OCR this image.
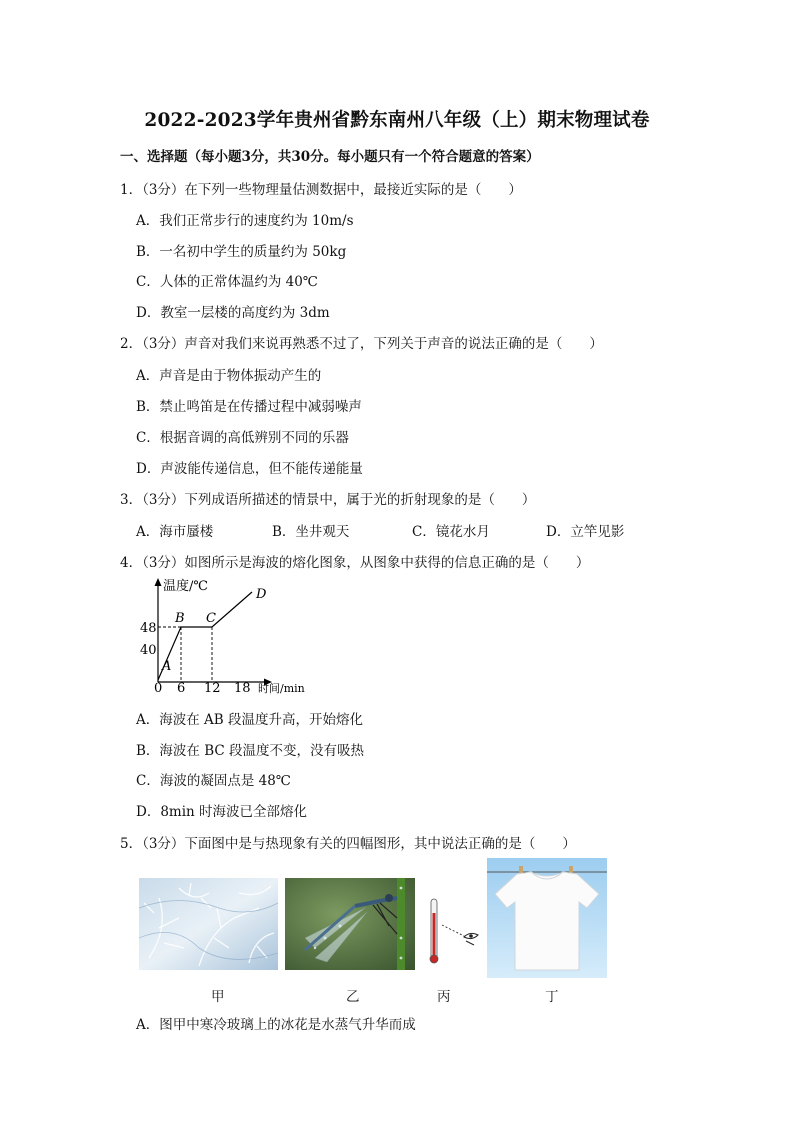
2022-2023学年贵州省黔东南州八年级（上）期末物理试卷
一、选择题（每小题3分，共30分。每小题只有一个符合题意的答案）
1．（3分）在下列一些物理量估测数据中，最接近实际的是（　　）
A．我们正常步行的速度约为 10m/s
B．一名初中学生的质量约为 50kg
C．人体的正常体温约为 40℃
D．教室一层楼的高度约为 3dm
2．（3分）声音对我们来说再熟悉不过了，下列关于声音的说法正确的是（　　）
A．声音是由于物体振动产生的
B．禁止鸣笛是在传播过程中减弱噪声
C．根据音调的高低辨别不同的乐器
D．声波能传递信息，但不能传递能量
3．（3分）下列成语所描述的情景中，属于光的折射现象的是（　　）
A．海市蜃楼	B．坐井观天	C．镜花水月	D．立竿见影
4．（3分）如图所示是海波的熔化图象，从图象中获得的信息正确的是（　　）
温度/℃
时间/min
48
40
0 6 12 18
A
B C
D
A．海波在 AB 段温度升高，开始熔化
B．海波在 BC 段温度不变，没有吸热
C．海波的凝固点是 48℃
D．8min 时海波已全部熔化
5．（3分）下面图中是与热现象有关的四幅图形，其中说法正确的是（　　）
甲	乙	丙	丁
A．图甲中寒冷玻璃上的冰花是水蒸气升华而成
